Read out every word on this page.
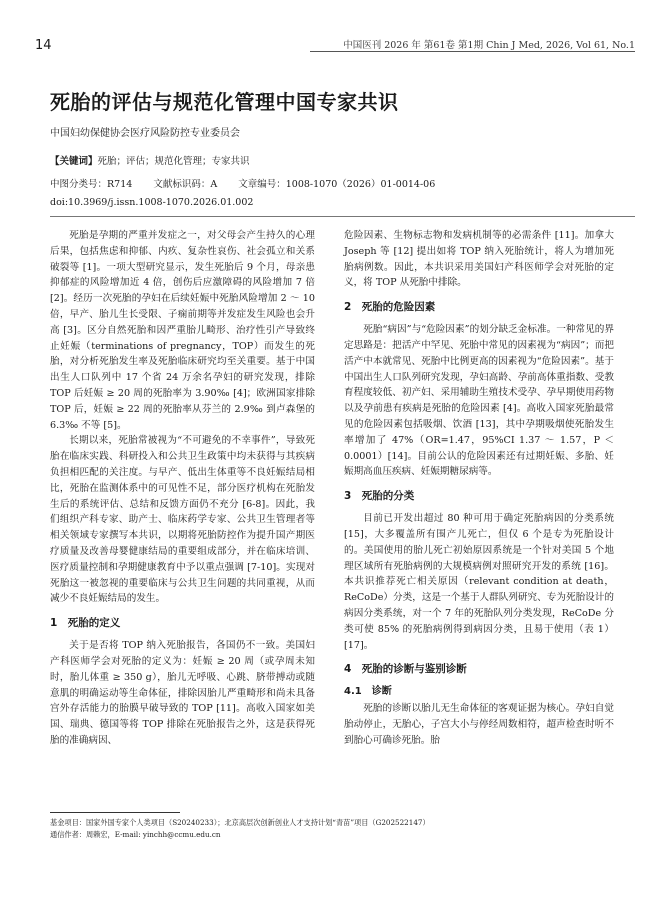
14	中国医刊 2026 年 第61卷 第1期 Chin J Med, 2026, Vol 61, No.1
死胎的评估与规范化管理中国专家共识
中国妇幼保健协会医疗风险防控专业委员会
【关键词】死胎；评估；规范化管理；专家共识
中图分类号：R714 文献标识码：A 文章编号：1008-1070（2026）01-0014-06
doi:10.3969/j.issn.1008-1070.2026.01.002

死胎是孕期的严重并发症之一，对父母会产生持久的心理后果，包括焦虑和抑郁、内疚、复杂性哀伤、社会孤立和关系破裂等 [1]。一项大型研究显示，发生死胎后 9 个月，母亲患抑郁症的风险增加近 4 倍，创伤后应激障碍的风险增加 7 倍 [2]。经历一次死胎的孕妇在后续妊娠中死胎风险增加 2 ～ 10 倍，早产、胎儿生长受限、子痫前期等并发症发生风险也会升高 [3]。区分自然死胎和因严重胎儿畸形、治疗性引产导致终止妊娠（terminations of pregnancy，TOP）而发生的死胎，对分析死胎发生率及死胎临床研究均至关重要。基于中国出生人口队列中 17 个省 24 万余名孕妇的研究发现，排除 TOP 后妊娠 ≥ 20 周的死胎率为 3.90‰ [4]；欧洲国家排除 TOP 后，妊娠 ≥ 22 周的死胎率从芬兰的 2.9‰ 到卢森堡的 6.3‰ 不等 [5]。

长期以来，死胎常被视为“不可避免的不幸事件”，导致死胎在临床实践、科研投入和公共卫生政策中均未获得与其疾病负担相匹配的关注度。与早产、低出生体重等不良妊娠结局相比，死胎在监测体系中的可见性不足，部分医疗机构在死胎发生后的系统评估、总结和反馈方面仍不充分 [6-8]。因此，我们组织产科专家、助产士、临床药学专家、公共卫生管理者等相关领域专家撰写本共识，以期将死胎防控作为提升国产期医疗质量及改善母婴健康结局的重要组成部分，并在临床培训、医疗质量控制和孕期健康教育中予以重点强调 [7-10]。实现对死胎这一被忽视的重要临床与公共卫生问题的共同重视，从而减少不良妊娠结局的发生。

1　死胎的定义

关于是否将 TOP 纳入死胎报告，各国仍不一致。美国妇产科医师学会对死胎的定义为：妊娠 ≥ 20 周（或孕周未知时，胎儿体重 ≥ 350 g），胎儿无呼吸、心跳、脐带搏动或随意肌的明确运动等生命体征，排除因胎儿严重畸形和尚未具备宫外存活能力的胎膜早破导致的 TOP [11]。高收入国家如美国、瑞典、德国等将 TOP 排除在死胎报告之外，这是获得死胎的准确病因、

危险因素、生物标志物和发病机制等的必需条件 [11]。加拿大 Joseph 等 [12] 提出如将 TOP 纳入死胎统计，将人为增加死胎病例数。因此，本共识采用美国妇产科医师学会对死胎的定义，将 TOP 从死胎中排除。

2　死胎的危险因素

死胎“病因”与“危险因素”的划分缺乏金标准。一种常见的界定思路是：把活产中罕见、死胎中常见的因素视为“病因”；而把活产中本就常见、死胎中比例更高的因素视为“危险因素”。基于中国出生人口队列研究发现，孕妇高龄、孕前高体重指数、受教育程度较低、初产妇、采用辅助生殖技术受孕、孕早期使用药物以及孕前患有疾病是死胎的危险因素 [4]。高收入国家死胎最常见的危险因素包括吸烟、饮酒 [13]，其中孕期吸烟使死胎发生率增加了 47%（OR=1.47，95%CI 1.37 ～ 1.57，P ＜ 0.0001）[14]。目前公认的危险因素还有过期妊娠、多胎、妊娠期高血压疾病、妊娠期糖尿病等。

3　死胎的分类

目前已开发出超过 80 种可用于确定死胎病因的分类系统 [15]，大多覆盖所有围产儿死亡，但仅 6 个是专为死胎设计的。美国使用的胎儿死亡初始原因系统是一个针对美国 5 个地理区域所有死胎病例的大规模病例对照研究开发的系统 [16]。本共识推荐死亡相关原因（relevant condition at death，ReCoDe）分类，这是一个基于人群队列研究、专为死胎设计的病因分类系统，对一个 7 年的死胎队列分类发现，ReCoDe 分类可使 85% 的死胎病例得到病因分类，且易于使用（表 1）[17]。

4　死胎的诊断与鉴别诊断
4.1　诊断

死胎的诊断以胎儿无生命体征的客观证据为核心。孕妇自觉胎动停止，无胎心，子宫大小与停经周数相符，超声检查时听不到胎心可确诊死胎。胎

基金项目：国家外国专家个人类项目（S20240233）；北京高层次创新创业人才支持计划“青苗”项目（G202522147）
通信作者：周赖宏，E-mail: yinchh@ccmu.edu.cn
